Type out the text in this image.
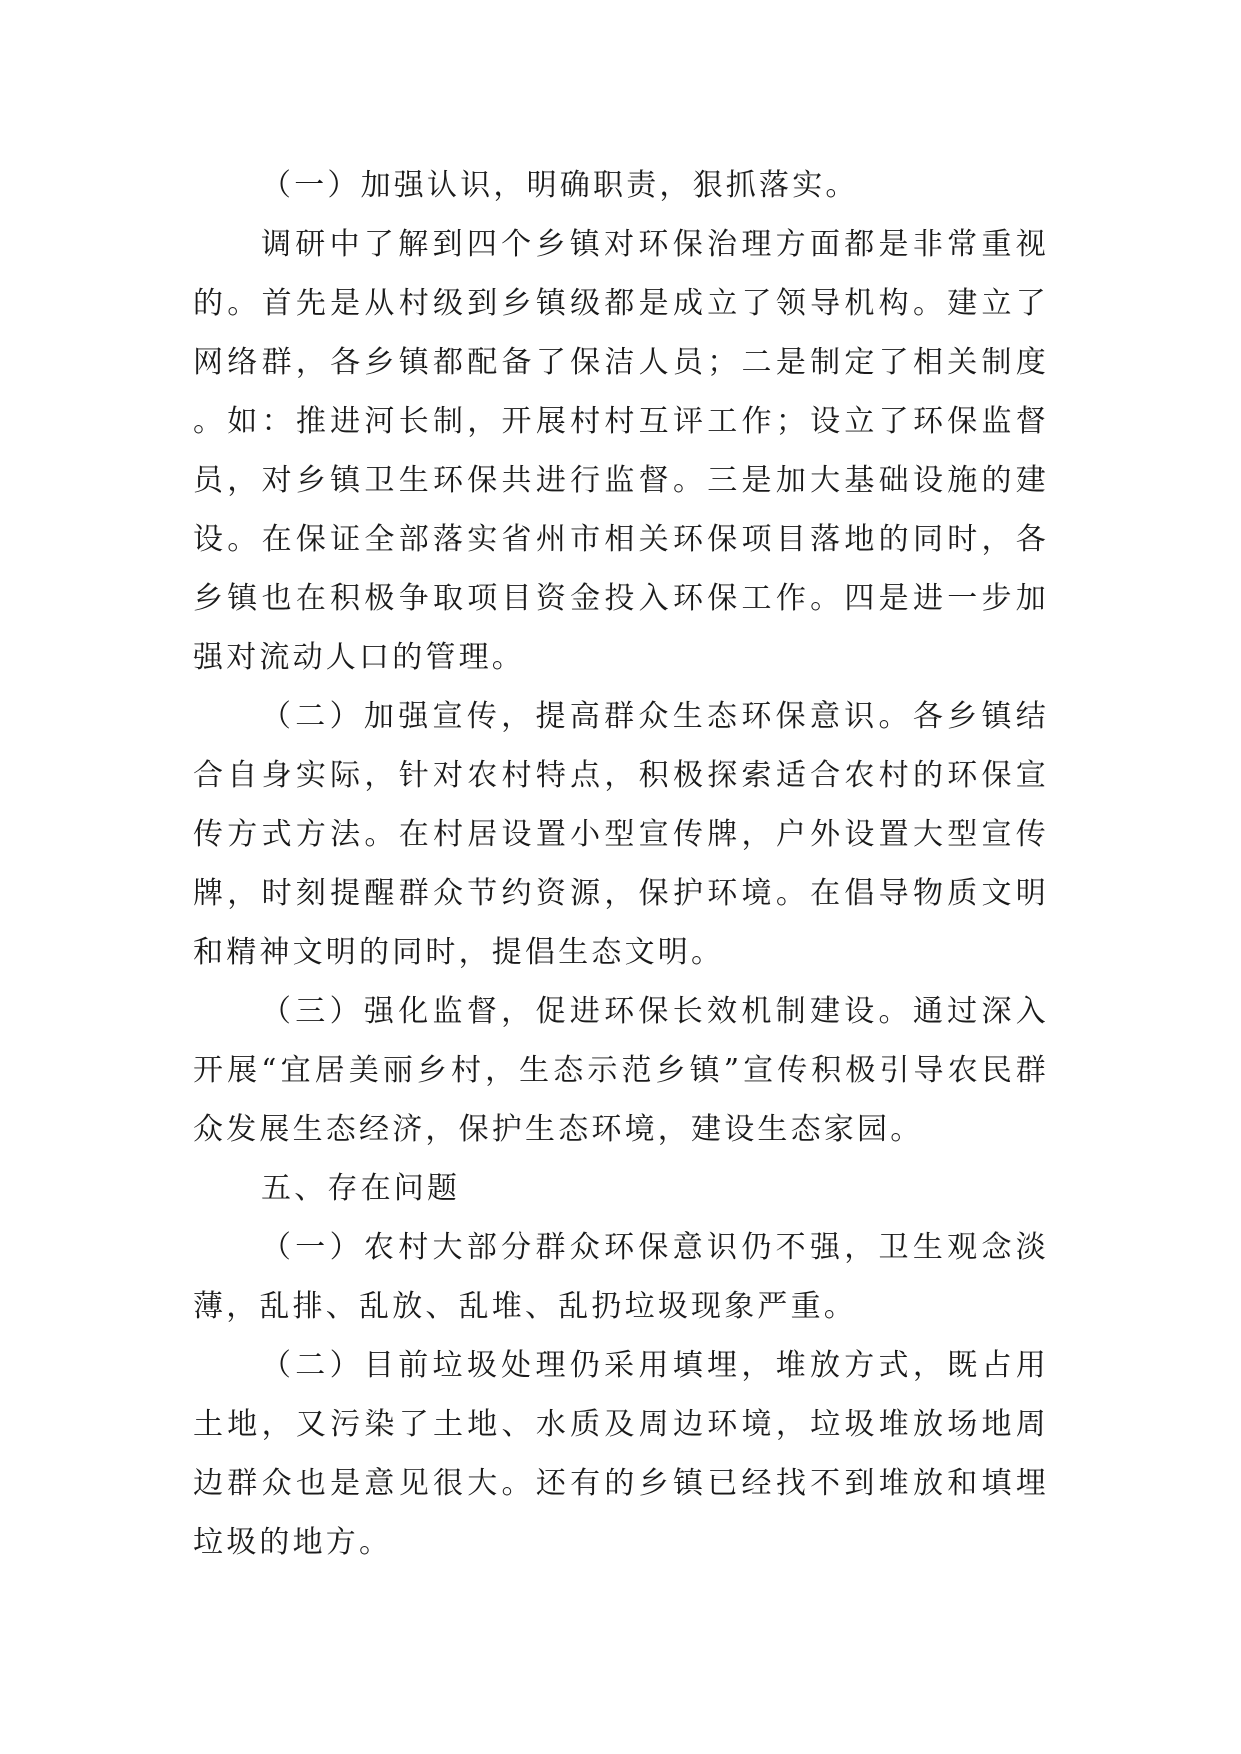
（一）加强认识，明确职责，狠抓落实。

调研中了解到四个乡镇对环保治理方面都是非常重视的。首先是从村级到乡镇级都是成立了领导机构。建立了网络群，各乡镇都配备了保洁人员；二是制定了相关制度。如：推进河长制，开展村村互评工作；设立了环保监督员，对乡镇卫生环保共进行监督。三是加大基础设施的建设。在保证全部落实省州市相关环保项目落地的同时，各乡镇也在积极争取项目资金投入环保工作。四是进一步加强对流动人口的管理。

（二）加强宣传，提高群众生态环保意识。各乡镇结合自身实际，针对农村特点，积极探索适合农村的环保宣传方式方法。在村居设置小型宣传牌，户外设置大型宣传牌，时刻提醒群众节约资源，保护环境。在倡导物质文明和精神文明的同时，提倡生态文明。

（三）强化监督，促进环保长效机制建设。通过深入开展“宜居美丽乡村，生态示范乡镇”宣传积极引导农民群众发展生态经济，保护生态环境，建设生态家园。

五、存在问题

（一）农村大部分群众环保意识仍不强，卫生观念淡薄，乱排、乱放、乱堆、乱扔垃圾现象严重。

（二）目前垃圾处理仍采用填埋，堆放方式，既占用土地，又污染了土地、水质及周边环境，垃圾堆放场地周边群众也是意见很大。还有的乡镇已经找不到堆放和填埋垃圾的地方。
